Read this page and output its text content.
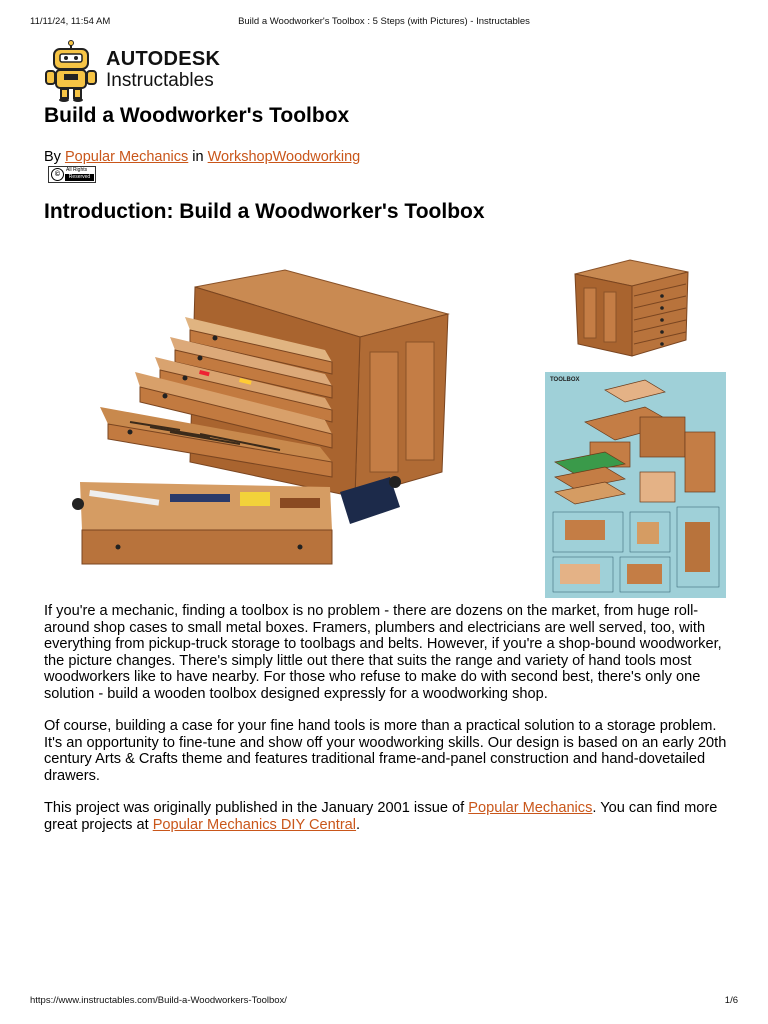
11/11/24, 11:54 AM	Build a Woodworker's Toolbox : 5 Steps (with Pictures) - Instructables
AUTODESK
Instructables
Build a Woodworker's Toolbox
By Popular Mechanics in WorkshopWoodworking
©
All Rights
Reserved
Introduction: Build a Woodworker's Toolbox
TOOLBOX

If you're a mechanic, finding a toolbox is no problem - there are dozens on the market, from huge roll-around shop cases to small metal boxes. Framers, plumbers and electricians are well served, too, with everything from pickup-truck storage to toolbags and belts. However, if you're a shop-bound woodworker, the picture changes. There's simply little out there that suits the range and variety of hand tools most woodworkers like to have nearby. For those who refuse to make do with second best, there's only one solution - build a wooden toolbox designed expressly for a woodworking shop.

Of course, building a case for your fine hand tools is more than a practical solution to a storage problem. It's an opportunity to fine-tune and show off your woodworking skills. Our design is based on an early 20th century Arts & Crafts theme and features traditional frame-and-panel construction and hand-dovetailed drawers.

This project was originally published in the January 2001 issue of Popular Mechanics. You can find more great projects at Popular Mechanics DIY Central.

https://www.instructables.com/Build-a-Woodworkers-Toolbox/	1/6
